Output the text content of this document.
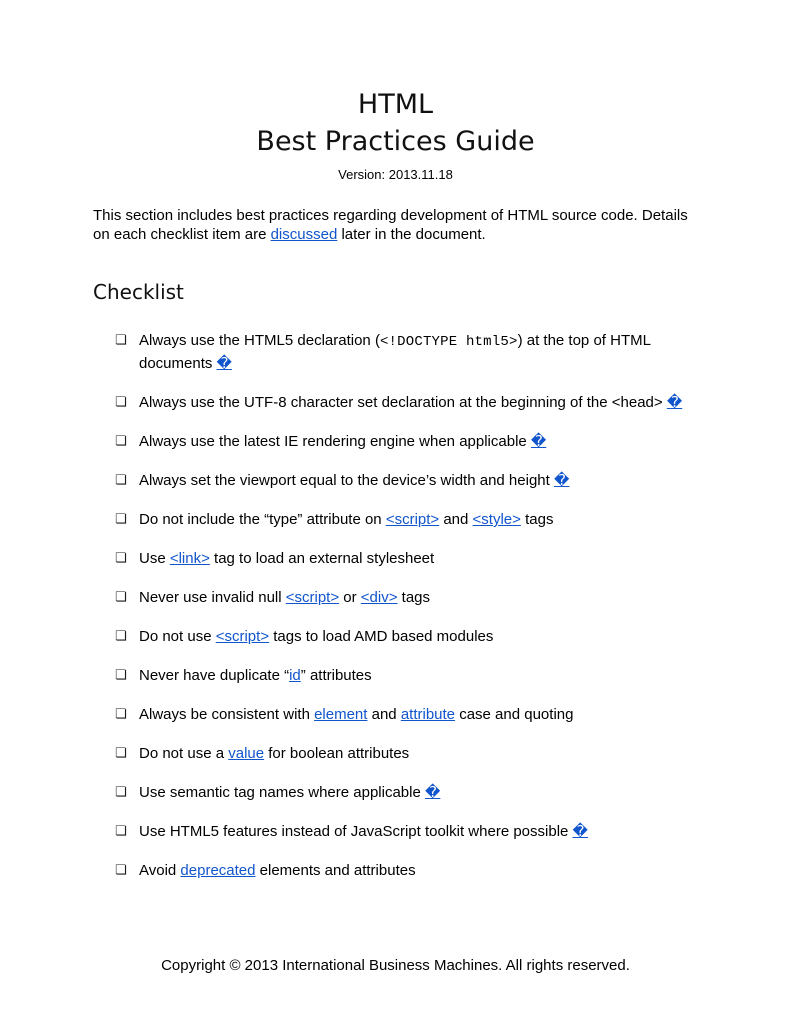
HTML
Best Practices Guide
Version: 2013.11.18

This section includes best practices regarding development of HTML source code. Details on each checklist item are discussed later in the document.

Checklist
❏ Always use the HTML5 declaration (<!DOCTYPE html5>) at the top of HTML documents �
❏ Always use the UTF-8 character set declaration at the beginning of the <head> �
❏ Always use the latest IE rendering engine when applicable �
❏ Always set the viewport equal to the device’s width and height �
❏ Do not include the “type” attribute on <script> and <style> tags
❏ Use <link> tag to load an external stylesheet
❏ Never use invalid null <script> or <div> tags
❏ Do not use <script> tags to load AMD based modules
❏ Never have duplicate “id” attributes
❏ Always be consistent with element and attribute case and quoting
❏ Do not use a value for boolean attributes
❏ Use semantic tag names where applicable �
❏ Use HTML5 features instead of JavaScript toolkit where possible �
❏ Avoid deprecated elements and attributes
Copyright © 2013 International Business Machines. All rights reserved.
